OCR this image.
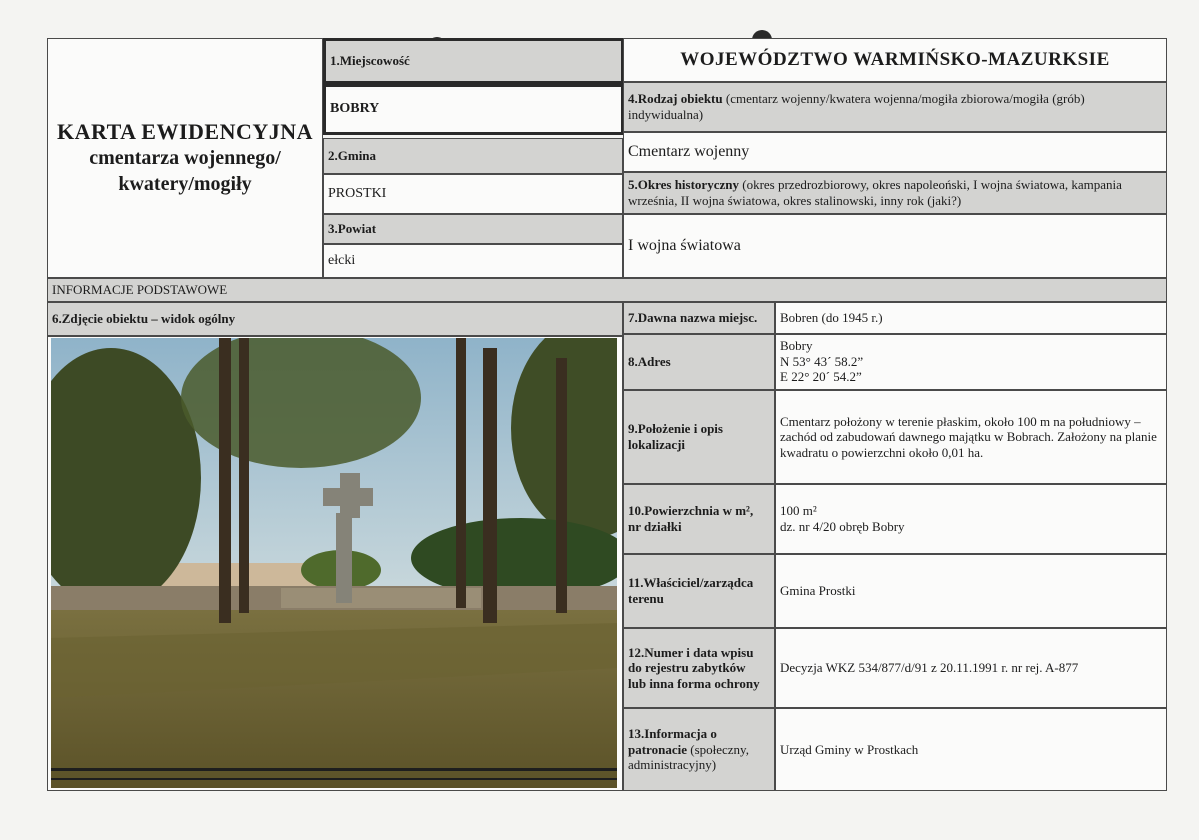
KARTA EWIDENCYJNA
cmentarza wojennego/
kwatery/mogiły
1.Miejscowość
BOBRY
2.Gmina
PROSTKI
3.Powiat
ełcki
WOJEWÓDZTWO WARMIŃSKO-MAZURKSIE
4.Rodzaj obiektu (cmentarz wojenny/kwatera wojenna/mogiła zbiorowa/mogiła (grób) indywidualna)
Cmentarz wojenny
5.Okres historyczny (okres przedrozbiorowy, okres napoleoński, I wojna światowa, kampania września, II wojna światowa, okres stalinowski, inny rok (jaki?)
I wojna światowa
INFORMACJE PODSTAWOWE
6.Zdjęcie obiektu – widok ogólny	7.Dawna nazwa miejsc. Bobren (do 1945 r.)
8.Adres
Bobry
N 53° 43´ 58.2”
E 22° 20´ 54.2”
9.Położenie i opis
lokalizacji
Cmentarz położony w terenie płaskim, około 100 m na południowy – zachód od zabudowań dawnego majątku w Bobrach. Założony na planie kwadratu o powierzchni około 0,01 ha.
10.Powierzchnia w m²,
nr działki
100 m²
dz. nr 4/20 obręb Bobry
11.Właściciel/zarządca
terenu
Gmina Prostki
12.Numer i data wpisu
do rejestru zabytków
lub inna forma ochrony
Decyzja WKZ 534/877/d/91 z 20.11.1991 r. nr rej. A-877
13.Informacja o
patronacie (społeczny,
administracyjny)
Urząd Gminy w Prostkach
